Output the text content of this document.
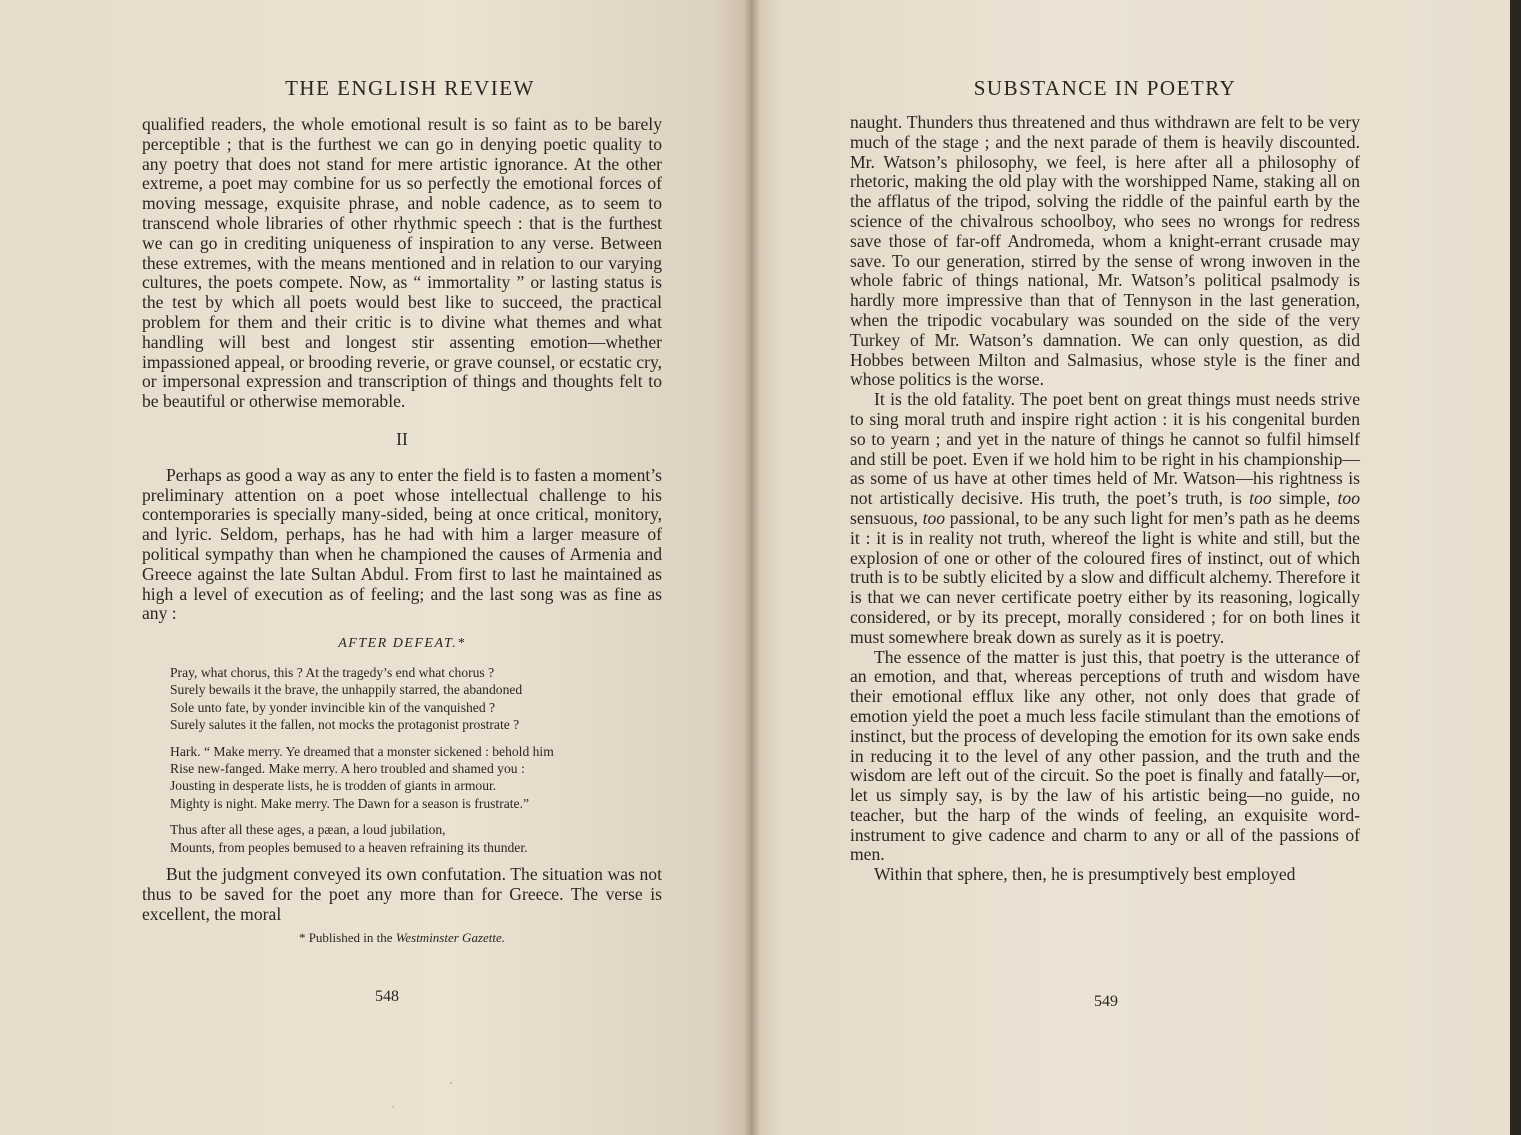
THE ENGLISH REVIEW

qualified readers, the whole emotional result is so faint as to be barely perceptible ; that is the furthest we can go in denying poetic quality to any poetry that does not stand for mere artistic ignorance. At the other extreme, a poet may combine for us so perfectly the emotional forces of moving message, exquisite phrase, and noble cadence, as to seem to transcend whole libraries of other rhythmic speech : that is the furthest we can go in crediting uniqueness of inspiration to any verse. Between these extremes, with the means mentioned and in relation to our varying cultures, the poets compete. Now, as “ immortality ” or lasting status is the test by which all poets would best like to succeed, the practical problem for them and their critic is to divine what themes and what handling will best and longest stir assenting emotion—whether impassioned appeal, or brooding reverie, or grave counsel, or ecstatic cry, or impersonal expression and transcription of things and thoughts felt to be beautiful or otherwise memorable.

II

Perhaps as good a way as any to enter the field is to fasten a moment’s preliminary attention on a poet whose intellectual challenge to his contemporaries is specially many-sided, being at once critical, monitory, and lyric. Seldom, perhaps, has he had with him a larger measure of political sympathy than when he championed the causes of Armenia and Greece against the late Sultan Abdul. From first to last he maintained as high a level of execution as of feeling; and the last song was as fine as any :

AFTER DEFEAT.*
Pray, what chorus, this ? At the tragedy’s end what chorus ?
Surely bewails it the brave, the unhappily starred, the abandoned
Sole unto fate, by yonder invincible kin of the vanquished ?
Surely salutes it the fallen, not mocks the protagonist prostrate ?
Hark. “ Make merry. Ye dreamed that a monster sickened : behold him
Rise new-fanged. Make merry. A hero troubled and shamed you :
Jousting in desperate lists, he is trodden of giants in armour.
Mighty is night. Make merry. The Dawn for a season is frustrate.”
Thus after all these ages, a pæan, a loud jubilation,
Mounts, from peoples bemused to a heaven refraining its thunder.

But the judgment conveyed its own confutation. The situation was not thus to be saved for the poet any more than for Greece. The verse is excellent, the moral

* Published in the Westminster Gazette.
548
SUBSTANCE IN POETRY

naught. Thunders thus threatened and thus withdrawn are felt to be very much of the stage ; and the next parade of them is heavily discounted. Mr. Watson’s philosophy, we feel, is here after all a philosophy of rhetoric, making the old play with the worshipped Name, staking all on the afflatus of the tripod, solving the riddle of the painful earth by the science of the chivalrous schoolboy, who sees no wrongs for redress save those of far-off Andromeda, whom a knight-errant crusade may save. To our generation, stirred by the sense of wrong inwoven in the whole fabric of things national, Mr. Watson’s political psalmody is hardly more impressive than that of Tennyson in the last generation, when the tripodic vocabulary was sounded on the side of the very Turkey of Mr. Watson’s damnation. We can only question, as did Hobbes between Milton and Salmasius, whose style is the finer and whose politics is the worse.

It is the old fatality. The poet bent on great things must needs strive to sing moral truth and inspire right action : it is his congenital burden so to yearn ; and yet in the nature of things he cannot so fulfil himself and still be poet. Even if we hold him to be right in his championship—as some of us have at other times held of Mr. Watson—his rightness is not artistically decisive. His truth, the poet’s truth, is too simple, too sensuous, too passional, to be any such light for men’s path as he deems it : it is in reality not truth, whereof the light is white and still, but the explosion of one or other of the coloured fires of instinct, out of which truth is to be subtly elicited by a slow and difficult alchemy. Therefore it is that we can never certificate poetry either by its reasoning, logically considered, or by its precept, morally considered ; for on both lines it must somewhere break down as surely as it is poetry.

The essence of the matter is just this, that poetry is the utterance of an emotion, and that, whereas perceptions of truth and wisdom have their emotional efflux like any other, not only does that grade of emotion yield the poet a much less facile stimulant than the emotions of instinct, but the process of developing the emotion for its own sake ends in reducing it to the level of any other passion, and the truth and the wisdom are left out of the circuit. So the poet is finally and fatally—or, let us simply say, is by the law of his artistic being—no guide, no teacher, but the harp of the winds of feeling, an exquisite word-instrument to give cadence and charm to any or all of the passions of men.

Within that sphere, then, he is presumptively best employed

549
